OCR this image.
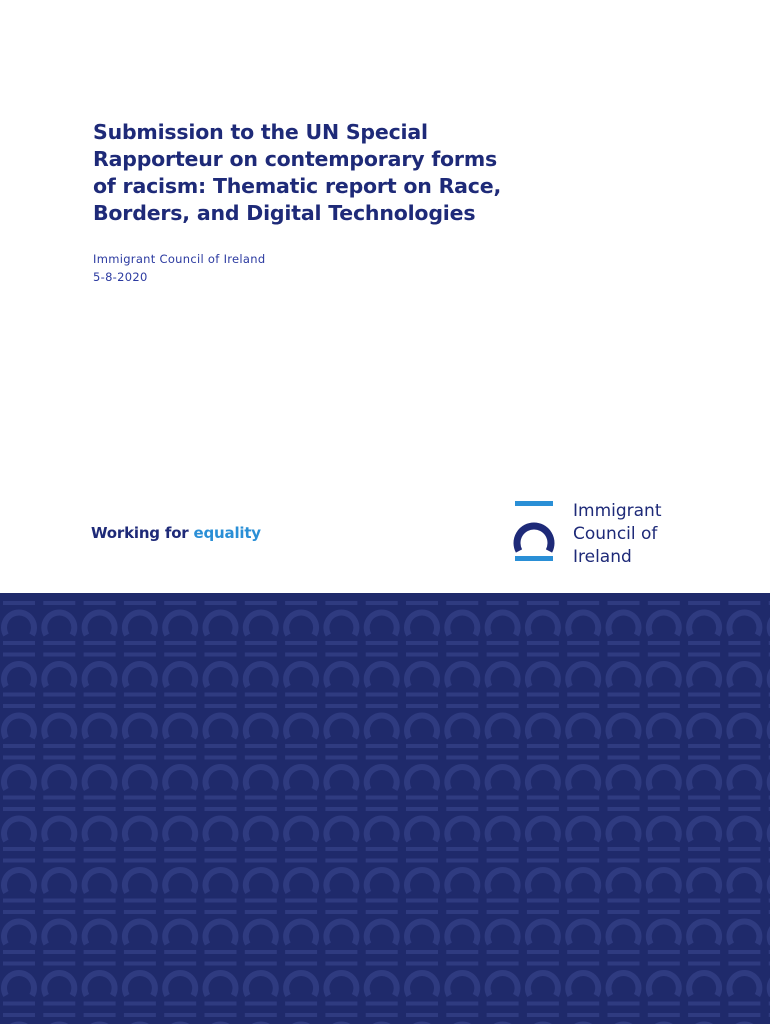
Submission to the UN Special
Rapporteur on contemporary forms
of racism: Thematic report on Race,
Borders, and Digital Technologies
Immigrant Council of Ireland
5-8-2020
Working for equality
Immigrant
Council of
Ireland
